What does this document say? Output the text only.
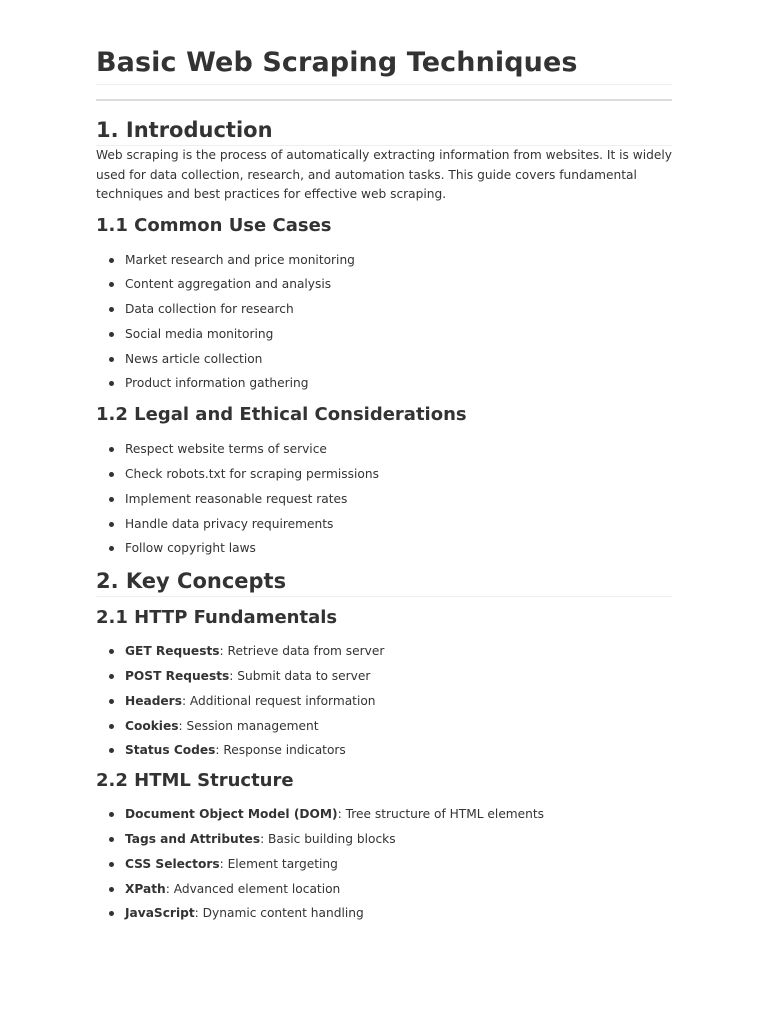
Basic Web Scraping Techniques
1. Introduction

Web scraping is the process of automatically extracting information from websites. It is widely
used for data collection, research, and automation tasks. This guide covers fundamental
techniques and best practices for effective web scraping.

1.1 Common Use Cases
Market research and price monitoring
Content aggregation and analysis
Data collection for research
Social media monitoring
News article collection
Product information gathering
1.2 Legal and Ethical Considerations
Respect website terms of service
Check robots.txt for scraping permissions
Implement reasonable request rates
Handle data privacy requirements
Follow copyright laws
2. Key Concepts
2.1 HTTP Fundamentals
GET Requests: Retrieve data from server
POST Requests: Submit data to server
Headers: Additional request information
Cookies: Session management
Status Codes: Response indicators
2.2 HTML Structure
Document Object Model (DOM): Tree structure of HTML elements
Tags and Attributes: Basic building blocks
CSS Selectors: Element targeting
XPath: Advanced element location
JavaScript: Dynamic content handling
